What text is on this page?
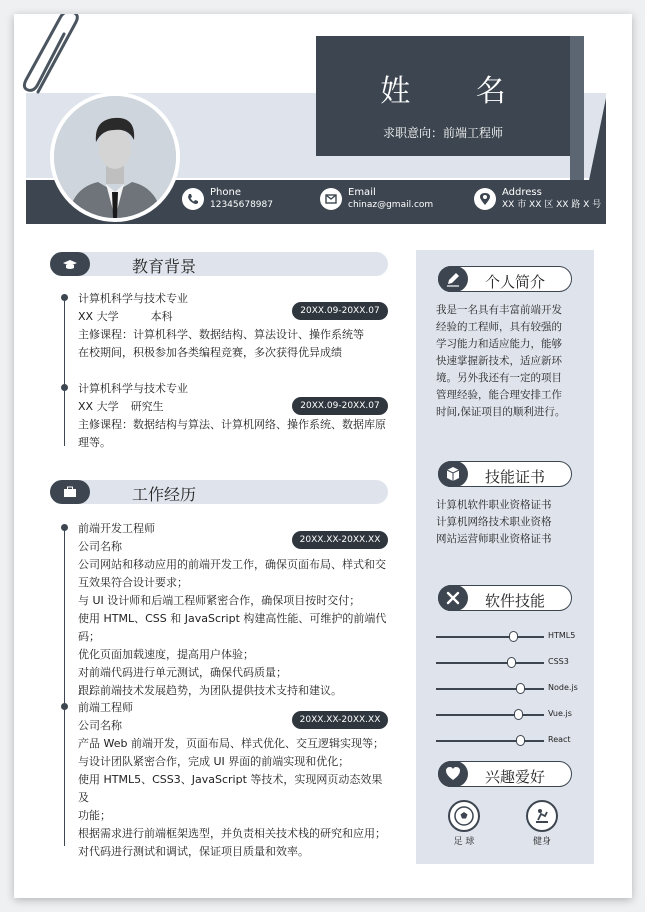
姓 名
求职意向：前端工程师
Phone
12345678987
Email
chinaz@gmail.com
Address
XX 市 XX 区 XX 路 X 号
教育背景
计算机科学与技术专业
XX 大学	本科
主修课程：计算机科学、数据结构、算法设计、操作系统等
在校期间，积极参加各类编程竞赛，多次获得优异成绩
20XX.09-20XX.07
计算机科学与技术专业
XX 大学 研究生
主修课程：数据结构与算法、计算机网络、操作系统、数据库原
理等。
20XX.09-20XX.07
工作经历
前端开发工程师
公司名称
公司网站和移动应用的前端开发工作，确保页面布局、样式和交
互效果符合设计要求；
与 UI 设计师和后端工程师紧密合作，确保项目按时交付；
使用 HTML、CSS 和 JavaScript 构建高性能、可维护的前端代码；
优化页面加载速度，提高用户体验；
对前端代码进行单元测试，确保代码质量；
跟踪前端技术发展趋势，为团队提供技术支持和建议。
20XX.XX-20XX.XX
前端工程师
公司名称
产品 Web 前端开发，页面布局、样式优化、交互逻辑实现等；
与设计团队紧密合作，完成 UI 界面的前端实现和优化；
使用 HTML5、CSS3、JavaScript 等技术，实现网页动态效果及
功能；
根据需求进行前端框架选型，并负责相关技术栈的研究和应用；
对代码进行测试和调试，保证项目质量和效率。
20XX.XX-20XX.XX
个人简介
我是一名具有丰富前端开发
经验的工程师，具有较强的
学习能力和适应能力，能够
快速掌握新技术，适应新环
境。另外我还有一定的项目
管理经验，能合理安排工作
时间,保证项目的顺利进行。
技能证书
计算机软件职业资格证书
计算机网络技术职业资格
网站运营师职业资格证书
软件技能
HTML5
CSS3
Node.js
Vue.js
React
兴趣爱好
足 球	健身
